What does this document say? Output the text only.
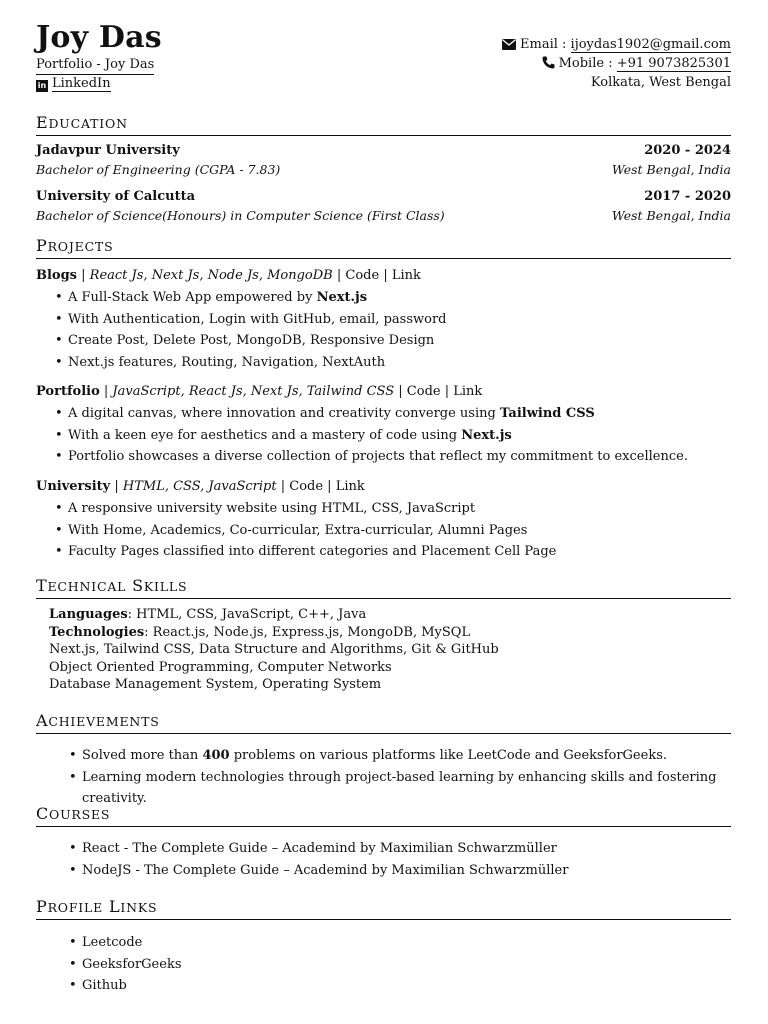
Joy Das
Portfolio - Joy Das
in LinkedIn
Email : ijoydas1902@gmail.com
Mobile : +91 9073825301
Kolkata, West Bengal
EDUCATION
Jadavpur University	2020 - 2024
Bachelor of Engineering (CGPA - 7.83)	West Bengal, India
University of Calcutta	2017 - 2020
Bachelor of Science(Honours) in Computer Science (First Class)	West Bengal, India
PROJECTS
Blogs | React Js, Next Js, Node Js, MongoDB | Code | Link
• A Full-Stack Web App empowered by Next.js
• With Authentication, Login with GitHub, email, password
• Create Post, Delete Post, MongoDB, Responsive Design
• Next.js features, Routing, Navigation, NextAuth
Portfolio | JavaScript, React Js, Next Js, Tailwind CSS | Code | Link
• A digital canvas, where innovation and creativity converge using Tailwind CSS
• With a keen eye for aesthetics and a mastery of code using Next.js
• Portfolio showcases a diverse collection of projects that reflect my commitment to excellence.
University | HTML, CSS, JavaScript | Code | Link
• A responsive university website using HTML, CSS, JavaScript
• With Home, Academics, Co-curricular, Extra-curricular, Alumni Pages
• Faculty Pages classified into different categories and Placement Cell Page
TECHNICAL SKILLS
Languages: HTML, CSS, JavaScript, C++, Java
Technologies: React.js, Node.js, Express.js, MongoDB, MySQL
Next.js, Tailwind CSS, Data Structure and Algorithms, Git & GitHub
Object Oriented Programming, Computer Networks
Database Management System, Operating System
ACHIEVEMENTS
• Solved more than 400 problems on various platforms like LeetCode and GeeksforGeeks.
• Learning modern technologies through project-based learning by enhancing skills and fostering creativity.
COURSES
• React - The Complete Guide – Academind by Maximilian Schwarzmüller
• NodeJS - The Complete Guide – Academind by Maximilian Schwarzmüller
PROFILE LINKS
• Leetcode
• GeeksforGeeks
• Github
